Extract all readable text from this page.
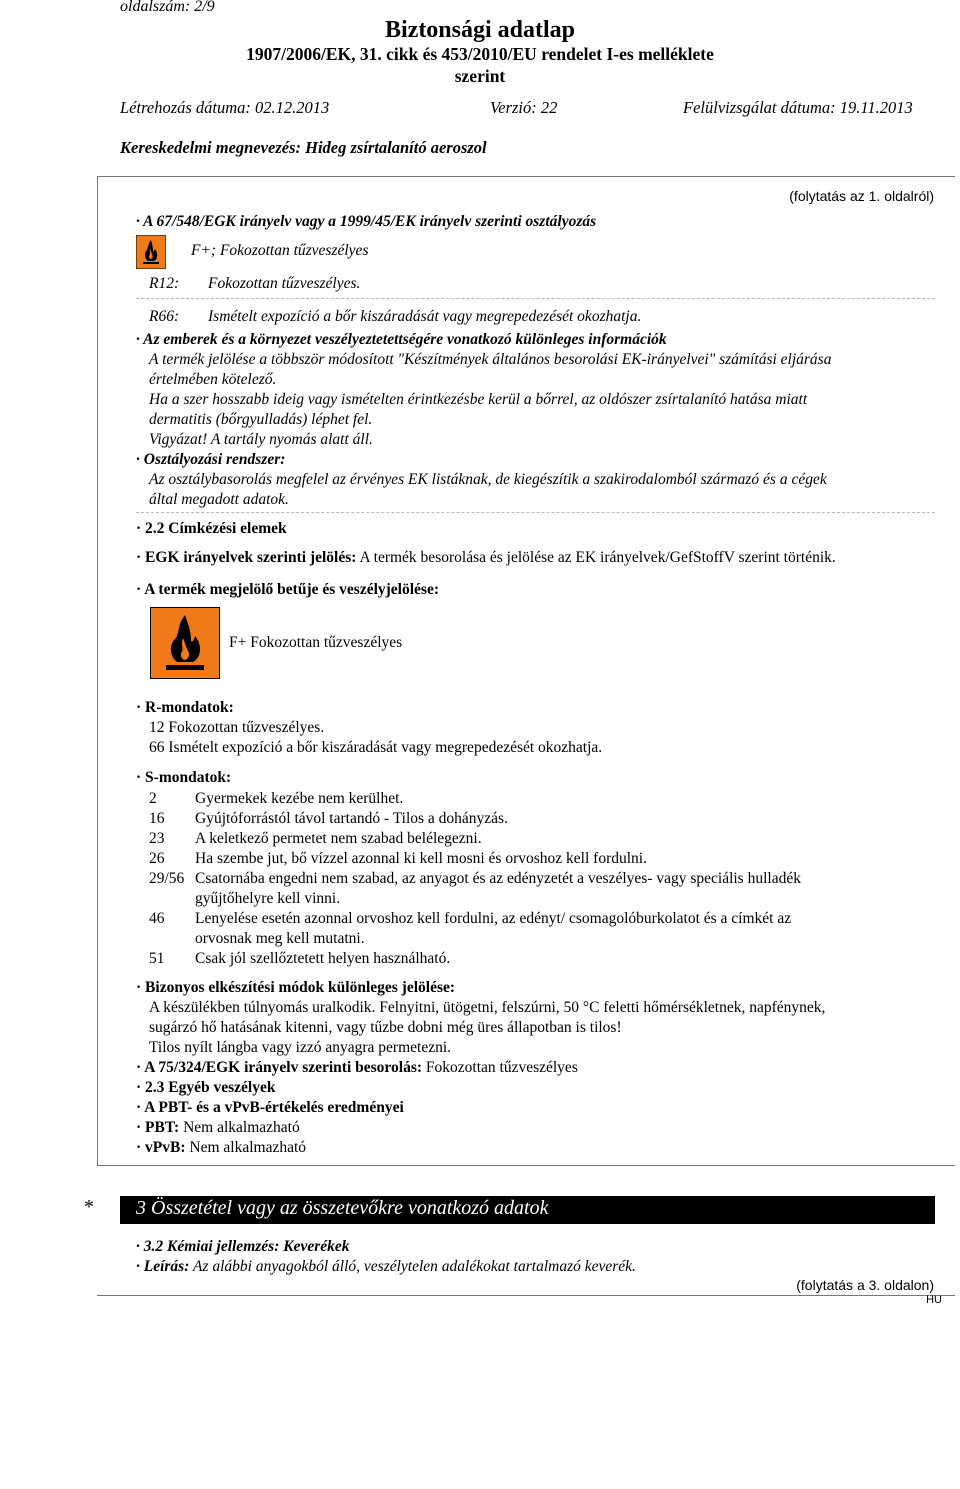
oldalszám: 2/9
Biztonsági adatlap
1907/2006/EK, 31. cikk és 453/2010/EU rendelet I-es melléklete
szerint
Létrehozás dátuma: 02.12.2013	Verzió: 22	Felülvizsgálat dátuma: 19.11.2013
Kereskedelmi megnevezés: Hideg zsírtalanító aeroszol
(folytatás az 1. oldalról)
· A 67/548/EGK irányelv vagy a 1999/45/EK irányelv szerinti osztályozás
F+; Fokozottan tűzveszélyes
R12: Fokozottan tűzveszélyes.
R66: Ismételt expozíció a bőr kiszáradását vagy megrepedezését okozhatja.
· Az emberek és a környezet veszélyeztetettségére vonatkozó különleges információk
A termék jelölése a többször módosított "Készítmények általános besorolási EK-irányelvei" számítási eljárása
értelmében kötelező.
Ha a szer hosszabb ideig vagy ismételten érintkezésbe kerül a bőrrel, az oldószer zsírtalanító hatása miatt
dermatitis (bőrgyulladás) léphet fel.
Vigyázat! A tartály nyomás alatt áll.
· Osztályozási rendszer:
Az osztálybasorolás megfelel az érvényes EK listáknak, de kiegészítik a szakirodalomból származó és a cégek
által megadott adatok.
· 2.2 Címkézési elemek
· EGK irányelvek szerinti jelölés: A termék besorolása és jelölése az EK irányelvek/GefStoffV szerint történik.
· A termék megjelölő betűje és veszélyjelölése:
F+ Fokozottan tűzveszélyes
· R-mondatok:
12 Fokozottan tűzveszélyes.
66 Ismételt expozíció a bőr kiszáradását vagy megrepedezését okozhatja.
· S-mondatok:
2 Gyermekek kezébe nem kerülhet.
16 Gyújtóforrástól távol tartandó - Tilos a dohányzás.
23 A keletkező permetet nem szabad belélegezni.
26 Ha szembe jut, bő vízzel azonnal ki kell mosni és orvoshoz kell fordulni.
29/56 Csatornába engedni nem szabad, az anyagot és az edényzetét a veszélyes- vagy speciális hulladék
gyűjtőhelyre kell vinni.
46 Lenyelése esetén azonnal orvoshoz kell fordulni, az edényt/ csomagolóburkolatot és a címkét az
orvosnak meg kell mutatni.
51 Csak jól szellőztetett helyen használható.
· Bizonyos elkészítési módok különleges jelölése:
A készülékben túlnyomás uralkodik. Felnyitni, ütögetni, felszúrni, 50 °C feletti hőmérsékletnek, napfénynek,
sugárzó hő hatásának kitenni, vagy tűzbe dobni még üres állapotban is tilos!
Tilos nyílt lángba vagy izzó anyagra permetezni.
· A 75/324/EGK irányelv szerinti besorolás: Fokozottan tűzveszélyes
· 2.3 Egyéb veszélyek
· A PBT- és a vPvB-értékelés eredményei
· PBT: Nem alkalmazható
· vPvB: Nem alkalmazható
* 3 Összetétel vagy az összetevőkre vonatkozó adatok
· 3.2 Kémiai jellemzés: Keverékek
· Leírás: Az alábbi anyagokból álló, veszélytelen adalékokat tartalmazó keverék.
(folytatás a 3. oldalon)
HU
